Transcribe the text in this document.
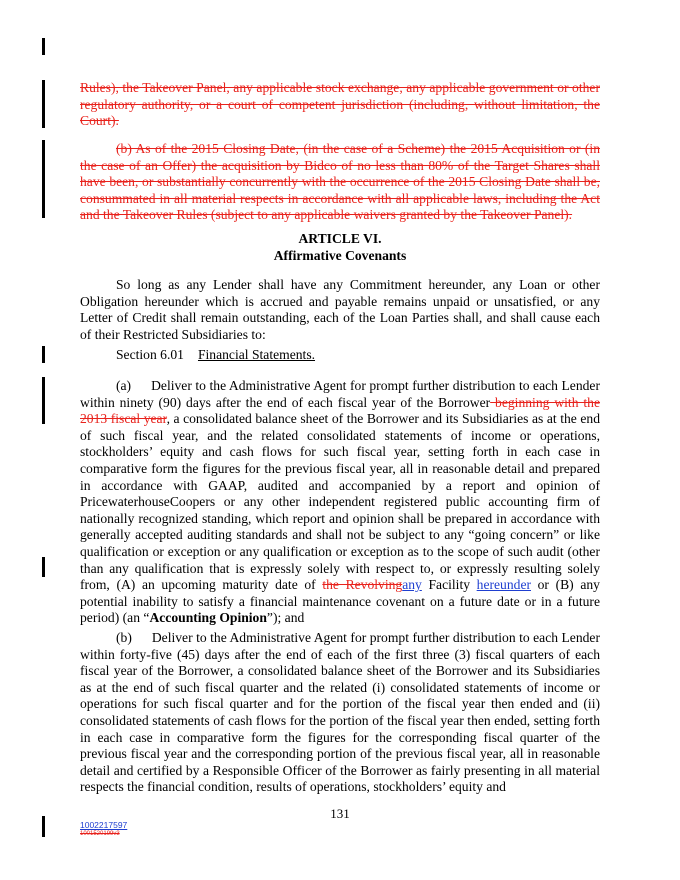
Rules), the Takeover Panel, any applicable stock exchange, any applicable government or other regulatory authority, or a court of competent jurisdiction (including, without limitation, the Court).
(b) As of the 2015 Closing Date, (in the case of a Scheme) the 2015 Acquisition or (in the case of an Offer) the acquisition by Bidco of no less than 80% of the Target Shares shall have been, or substantially concurrently with the occurrence of the 2015 Closing Date shall be, consummated in all material respects in accordance with all applicable laws, including the Act and the Takeover Rules (subject to any applicable waivers granted by the Takeover Panel).
ARTICLE VI.
Affirmative Covenants
So long as any Lender shall have any Commitment hereunder, any Loan or other Obligation hereunder which is accrued and payable remains unpaid or unsatisfied, or any Letter of Credit shall remain outstanding, each of the Loan Parties shall, and shall cause each of their Restricted Subsidiaries to:
Section 6.01 Financial Statements.
(a) Deliver to the Administrative Agent for prompt further distribution to each Lender within ninety (90) days after the end of each fiscal year of the Borrower beginning with the 2013 fiscal year, a consolidated balance sheet of the Borrower and its Subsidiaries as at the end of such fiscal year, and the related consolidated statements of income or operations, stockholders’ equity and cash flows for such fiscal year, setting forth in each case in comparative form the figures for the previous fiscal year, all in reasonable detail and prepared in accordance with GAAP, audited and accompanied by a report and opinion of PricewaterhouseCoopers or any other independent registered public accounting firm of nationally recognized standing, which report and opinion shall be prepared in accordance with generally accepted auditing standards and shall not be subject to any “going concern” or like qualification or exception or any qualification or exception as to the scope of such audit (other than any qualification that is expressly solely with respect to, or expressly resulting solely from, (A) an upcoming maturity date of the Revolvingany Facility hereunder or (B) any potential inability to satisfy a financial maintenance covenant on a future date or in a future period) (an “Accounting Opinion”); and
(b) Deliver to the Administrative Agent for prompt further distribution to each Lender within forty-five (45) days after the end of each of the first three (3) fiscal quarters of each fiscal year of the Borrower, a consolidated balance sheet of the Borrower and its Subsidiaries as at the end of such fiscal quarter and the related (i) consolidated statements of income or operations for such fiscal quarter and for the portion of the fiscal year then ended and (ii) consolidated statements of cash flows for the portion of the fiscal year then ended, setting forth in each case in comparative form the figures for the corresponding fiscal quarter of the previous fiscal year and the corresponding portion of the previous fiscal year, all in reasonable detail and certified by a Responsible Officer of the Borrower as fairly presenting in all material respects the financial condition, results of operations, stockholders’ equity and
131
1002217597
1001520199v3
